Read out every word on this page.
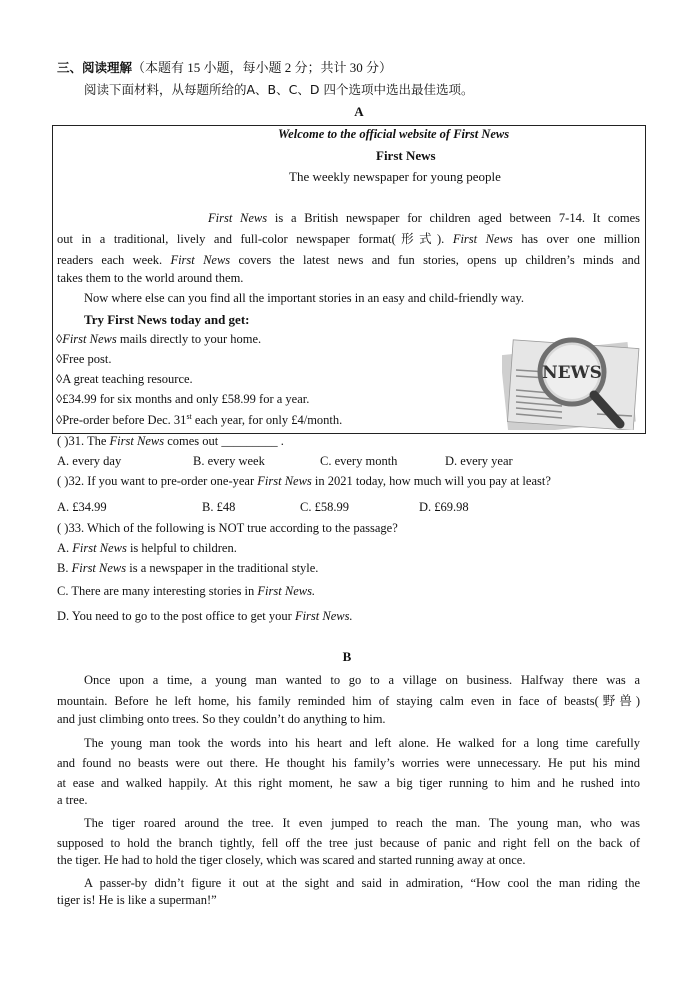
三、阅读理解（本题有 15 小题，每小题 2 分；共计 30 分）
阅读下面材料，从每题所给的A、B、C、D 四个选项中选出最佳选项。
A
Welcome to the official website of First News
First News
The weekly newspaper for young people
First News is a British newspaper for children aged between 7-14. It comes
out in a traditional, lively and full-color newspaper format(形式). First News has over one million
readers each week. First News covers the latest news and fun stories, opens up children’s minds and
takes them to the world around them.
Now where else can you find all the important stories in an easy and child-friendly way.
Try First News today and get:
◊First News mails directly to your home.
◊Free post.
◊A great teaching resource.
◊£34.99 for six months and only £58.99 for a year.
◊Pre-order before Dec. 31st each year, for only £4/month.
NEWS
( )31. The First News comes out _________ .
A. every day	B. every week	C. every month	D. every year
( )32. If you want to pre-order one-year First News in 2021 today, how much will you pay at least?
A. £34.99	B. £48	C. £58.99	D. £69.98
( )33. Which of the following is NOT true according to the passage?
A. First News is helpful to children.
B. First News is a newspaper in the traditional style.
C. There are many interesting stories in First News.
D. You need to go to the post office to get your First News.
B
Once upon a time, a young man wanted to go to a village on business. Halfway there was a
mountain. Before he left home, his family reminded him of staying calm even in face of beasts(野兽)
and just climbing onto trees. So they couldn’t do anything to him.
The young man took the words into his heart and left alone. He walked for a long time carefully
and found no beasts were out there. He thought his family’s worries were unnecessary. He put his mind
at ease and walked happily. At this right moment, he saw a big tiger running to him and he rushed into
a tree.
The tiger roared around the tree. It even jumped to reach the man. The young man, who was
supposed to hold the branch tightly, fell off the tree just because of panic and right fell on the back of
the tiger. He had to hold the tiger closely, which was scared and started running away at once.
A passer-by didn’t figure it out at the sight and said in admiration, “How cool the man riding the
tiger is! He is like a superman!”
